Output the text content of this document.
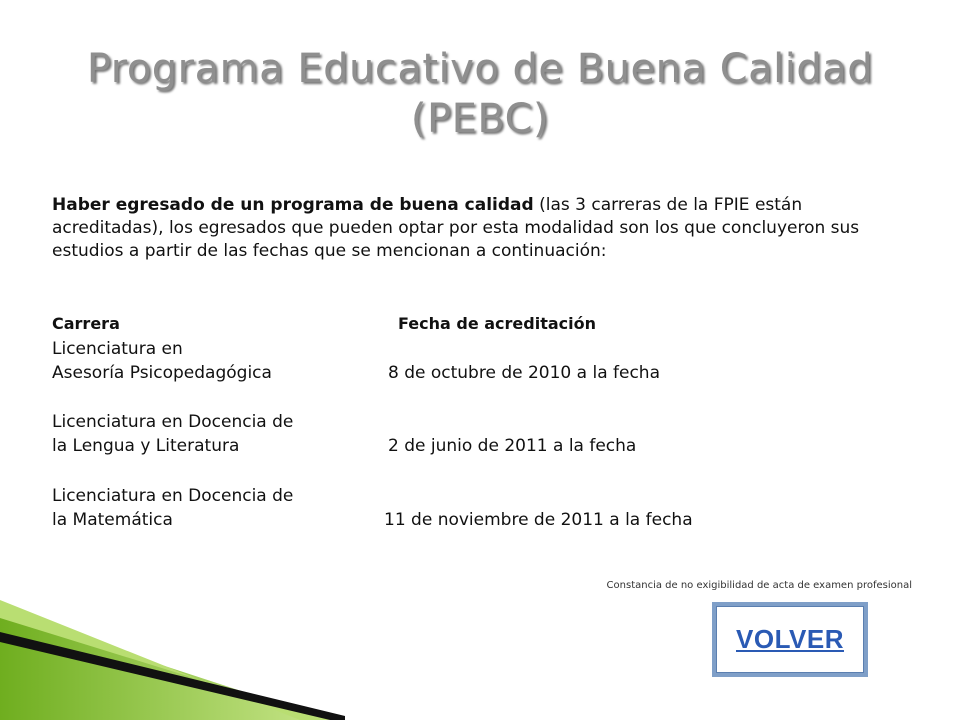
Programa Educativo de Buena Calidad
(PEBC)
Haber egresado de un programa de buena calidad (las 3 carreras de la FPIE están acreditadas), los egresados que pueden optar por esta modalidad son los que concluyeron sus estudios a partir de las fechas que se mencionan a continuación:
Carrera	Fecha de acreditación
Licenciatura en
Asesoría Psicopedagógica	8 de octubre de 2010 a la fecha
Licenciatura en Docencia de
la Lengua y Literatura	2 de junio de 2011 a la fecha
Licenciatura en Docencia de
la Matemática	11 de noviembre de 2011 a la fecha
Constancia de no exigibilidad de acta de examen profesional
VOLVER
